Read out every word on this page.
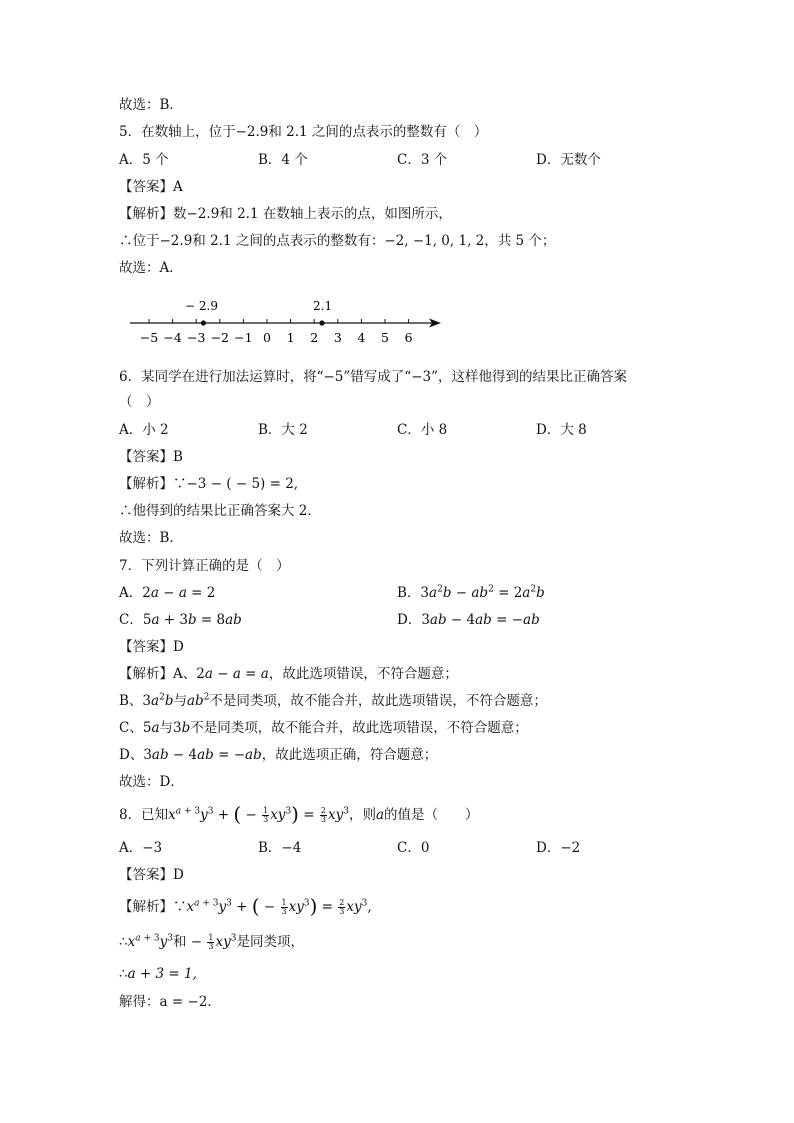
故选：B．
5．在数轴上，位于−2.9和 2.1 之间的点表示的整数有（　）
A．5 个	B．4 个	C．3 个	D．无数个
【答案】A
【解析】数−2.9和 2.1 在数轴上表示的点，如图所示，
∴位于−2.9和 2.1 之间的点表示的整数有：−2, −1, 0, 1, 2，共 5 个；
故选：A．
−5 −4 −3 −2 −1 0 1 2 3 4 5 6
− 2.9	2.1
6．某同学在进行加法运算时，将“−5”错写成了“−3”，这样他得到的结果比正确答案
（　）
A．小 2	B．大 2	C．小 8	D．大 8
【答案】B
【解析】∵−3 − ( − 5) = 2,
∴他得到的结果比正确答案大 2．
故选：B．
7．下列计算正确的是（　）
A．2a − a = 2	B．$3a^2b - ab^2 = 2a^2b$
C．5a + 3b = 8ab	D．3ab − 4ab = −ab
【答案】D
【解析】A、2a − a = a，故此选项错误，不符合题意；
B、$3a^2b$与$ab^2$不是同类项，故不能合并，故此选项错误，不符合题意；
C、5a与3b不是同类项，故不能合并，故此选项错误，不符合题意；
D、3ab − 4ab = −ab，故此选项正确，符合题意；
故选：D．
8．已知$x^{a + 3}y^3$ + ( − $\frac{1}{3} xy^3) = \frac{2}{3} xy^3$，则a的值是（　　）
A．−3	B．−4	C．0	D．−2
【答案】D
【解析】$\because x^{a + 3}y^3$ + ( − $\frac{1}{3} xy^3) = \frac{2}{3} xy^3$,
$\therefore x^{a + 3}y^3$和 − $\frac{1}{3} xy^3$是同类项，
∴a + 3 = 1,
解得：a = −2．
